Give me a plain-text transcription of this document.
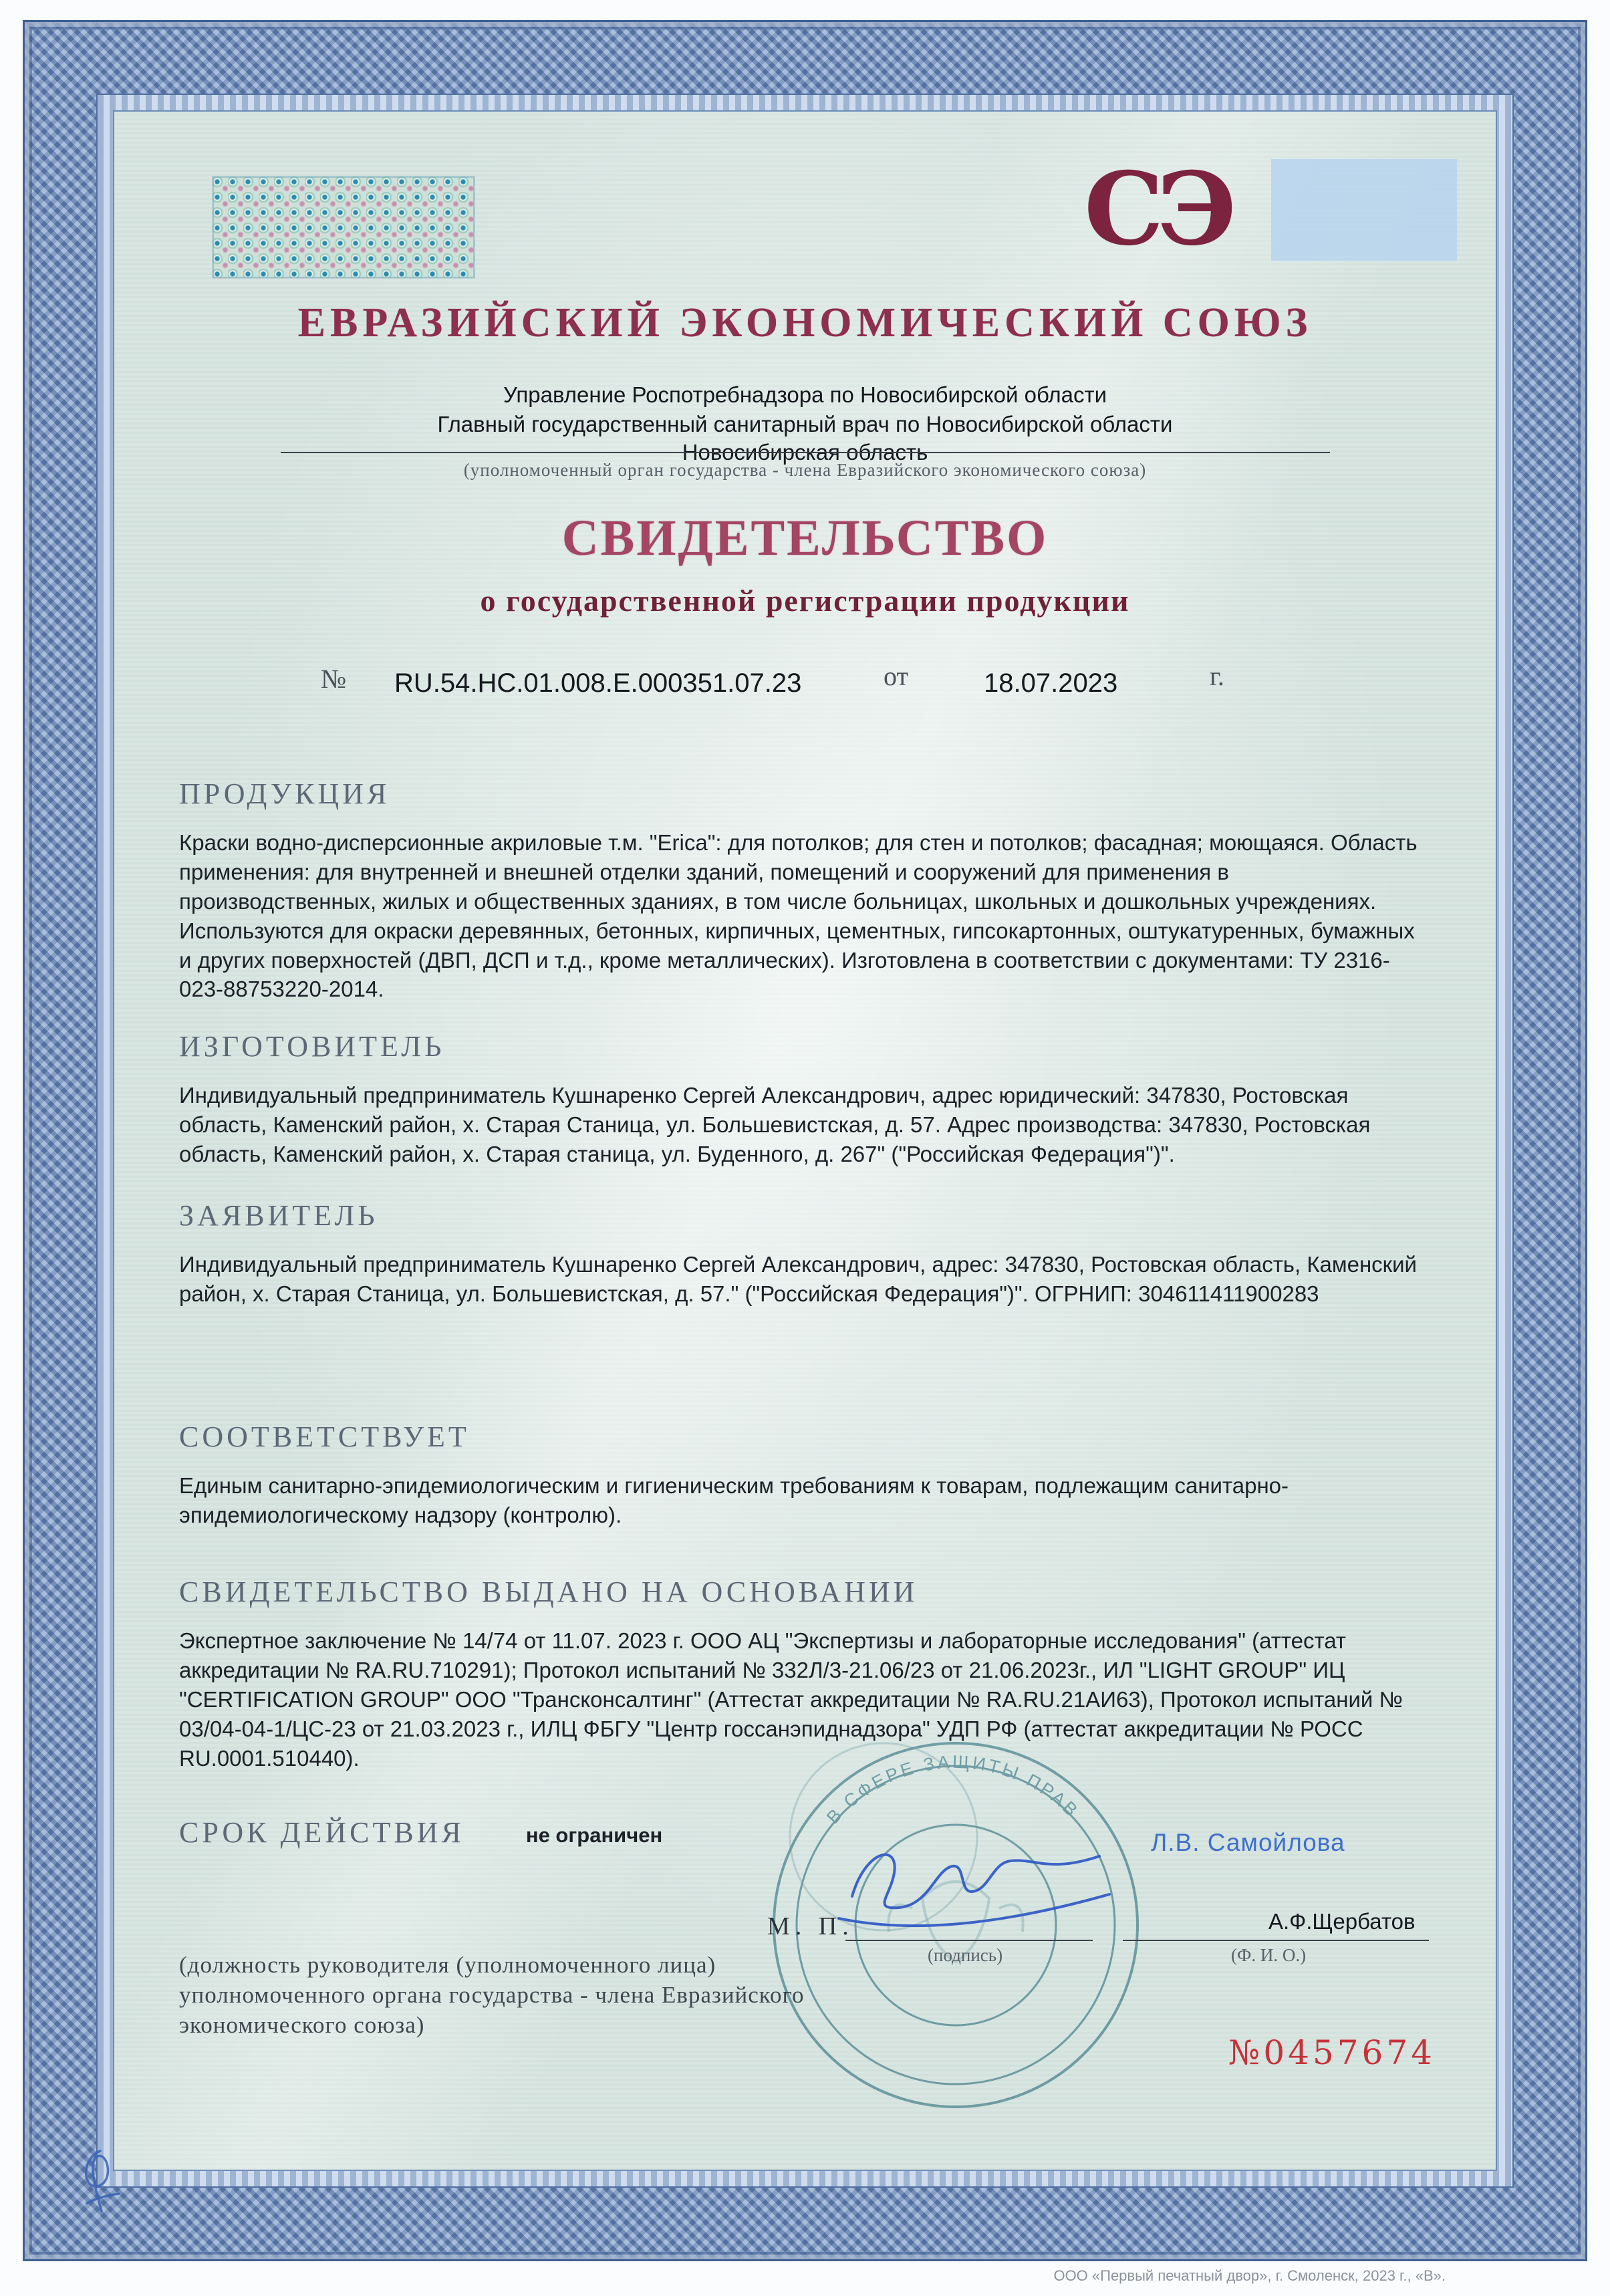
СЭ
ЕВРАЗИЙСКИЙ ЭКОНОМИЧЕСКИЙ СОЮЗ
Управление Роспотребнадзора по Новосибирской области
Главный государственный санитарный врач по Новосибирской области
Новосибирская область
(уполномоченный орган государства - члена Евразийского экономического союза)
СВИДЕТЕЛЬСТВО
о государственной регистрации продукции
№ RU.54.НС.01.008.Е.000351.07.23	от	18.07.2023	г.
ПРОДУКЦИЯ

Краски водно-дисперсионные акриловые т.м. "Erica": для потолков; для стен и потолков; фасадная; моющаяся. Область применения: для внутренней и внешней отделки зданий, помещений и сооружений для применения в производственных, жилых и общественных зданиях, в том числе больницах, школьных и дошкольных учреждениях. Используются для окраски деревянных, бетонных, кирпичных, цементных, гипсокартонных, оштукатуренных, бумажных и других поверхностей (ДВП, ДСП и т.д., кроме металлических). Изготовлена в соответствии с документами: ТУ 2316-023-88753220-2014.

ИЗГОТОВИТЕЛЬ

Индивидуальный предприниматель Кушнаренко Сергей Александрович, адрес юридический: 347830, Ростовская область, Каменский район, х. Старая Станица, ул. Большевистская, д. 57. Адрес производства: 347830, Ростовская область, Каменский район, х. Старая станица, ул. Буденного, д. 267" ("Российская Федерация")".

ЗАЯВИТЕЛЬ

Индивидуальный предприниматель Кушнаренко Сергей Александрович, адрес: 347830, Ростовская область, Каменский район, х. Старая Станица, ул. Большевистская, д. 57." ("Российская Федерация")". ОГРНИП: 304611411900283

СООТВЕТСТВУЕТ

Единым санитарно-эпидемиологическим и гигиеническим требованиям к товарам, подлежащим санитарно-эпидемиологическому надзору (контролю).

СВИДЕТЕЛЬСТВО ВЫДАНО НА ОСНОВАНИИ

Экспертное заключение № 14/74 от 11.07. 2023 г. ООО АЦ "Экспертизы и лабораторные исследования" (аттестат аккредитации № RA.RU.710291); Протокол испытаний № 332Л/3-21.06/23 от 21.06.2023г., ИЛ "LIGHT GROUP" ИЦ "CERTIFICATION GROUP" ООО "Трансконсалтинг" (Аттестат аккредитации № RA.RU.21АИ63), Протокол испытаний № 03/04-04-1/ЦС-23 от 21.03.2023 г., ИЛЦ ФБГУ "Центр госсанэпиднадзора" УДП РФ (аттестат аккредитации № РОСС RU.0001.510440).

СРОК ДЕЙСТВИЯ	не ограничен
В СФЕРЕ ЗАЩИТЫ ПРАВ
Л.В. Самойлова
М. П.
(подпись)
А.Ф.Щербатов
(Ф. И. О.)
(должность руководителя (уполномоченного лица) уполномоченного органа государства - члена Евразийского экономического союза)
№0457674
ООО «Первый печатный двор», г. Смоленск, 2023 г., «В».
